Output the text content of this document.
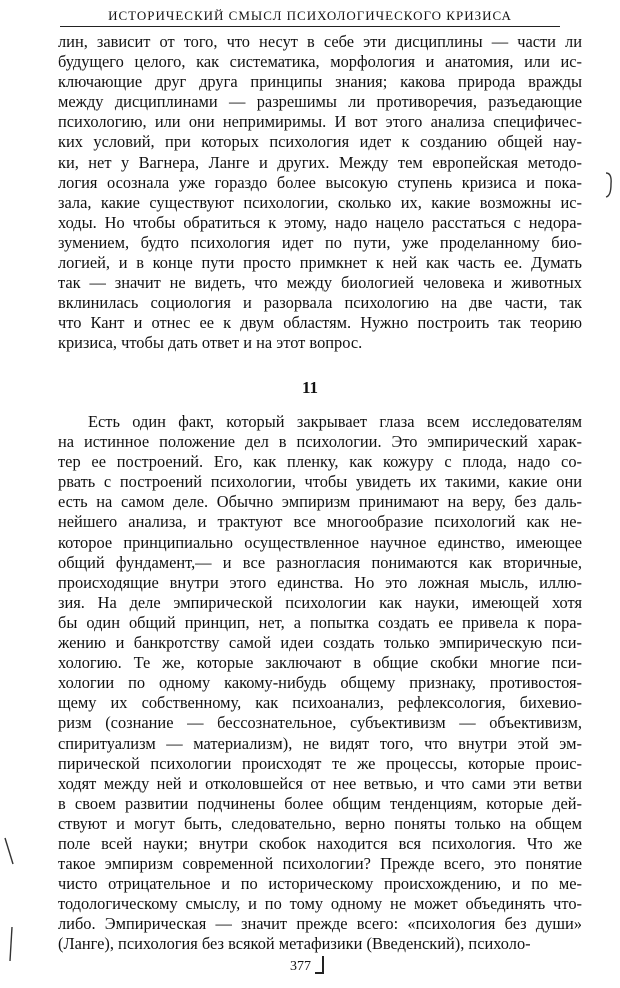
ИСТОРИЧЕСКИЙ СМЫСЛ ПСИХОЛОГИЧЕСКОГО КРИЗИСА

лин, зависит от того, что несут в себе эти дисциплины — части ли
будущего целого, как систематика, морфология и анатомия, или ис-
ключающие друг друга принципы знания; какова природа вражды
между дисциплинами — разрешимы ли противоречия, разъедающие
психологию, или они непримиримы. И вот этого анализа специфичес-
ких условий, при которых психология идет к созданию общей нау-
ки, нет у Вагнера, Ланге и других. Между тем европейская методо-
логия осознала уже гораздо более высокую ступень кризиса и пока-
зала, какие существуют психологии, сколько их, какие возможны ис-
ходы. Но чтобы обратиться к этому, надо нацело расстаться с недора-
зумением, будто психология идет по пути, уже проделанному био-
логией, и в конце пути просто примкнет к ней как часть ее. Думать
так — значит не видеть, что между биологией человека и животных
вклинилась социология и разорвала психологию на две части, так
что Кант и отнес ее к двум областям. Нужно построить так теорию
кризиса, чтобы дать ответ и на этот вопрос.

11

Есть один факт, который закрывает глаза всем исследователям
на истинное положение дел в психологии. Это эмпирический харак-
тер ее построений. Его, как пленку, как кожуру с плода, надо со-
рвать с построений психологии, чтобы увидеть их такими, какие они
есть на самом деле. Обычно эмпиризм принимают на веру, без даль-
нейшего анализа, и трактуют все многообразие психологий как не-
которое принципиально осуществленное научное единство, имеющее
общий фундамент,— и все разногласия понимаются как вторичные,
происходящие внутри этого единства. Но это ложная мысль, иллю-
зия. На деле эмпирической психологии как науки, имеющей хотя
бы один общий принцип, нет, а попытка создать ее привела к пора-
жению и банкротству самой идеи создать только эмпирическую пси-
хологию. Те же, которые заключают в общие скобки многие пси-
хологии по одному какому-нибудь общему признаку, противостоя-
щему их собственному, как психоанализ, рефлексология, бихевио-
ризм (сознание — бессознательное, субъективизм — объективизм,
спиритуализм — материализм), не видят того, что внутри этой эм-
пирической психологии происходят те же процессы, которые проис-
ходят между ней и отколовшейся от нее ветвью, и что сами эти ветви
в своем развитии подчинены более общим тенденциям, которые дей-
ствуют и могут быть, следовательно, верно поняты только на общем
поле всей науки; внутри скобок находится вся психология. Что же
такое эмпиризм современной психологии? Прежде всего, это понятие
чисто отрицательное и по историческому происхождению, и по ме-
тодологическому смыслу, и по тому одному не может объединять что-
либо. Эмпирическая — значит прежде всего: «психология без души»
(Ланге), психология без всякой метафизики (Введенский), психоло-

377
